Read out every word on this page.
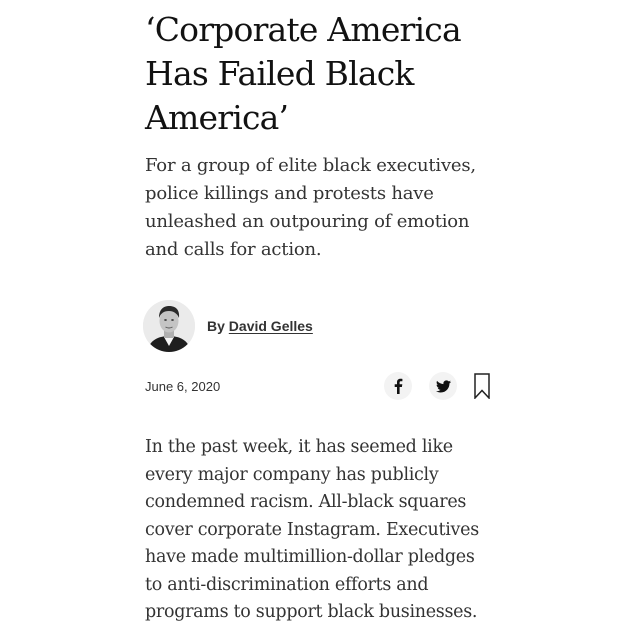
‘Corporate America
Has Failed Black
America’

For a group of elite black executives,
police killings and protests have
unleashed an outpouring of emotion
and calls for action.

By David Gelles
June 6, 2020

In the past week, it has seemed like
every major company has publicly
condemned racism. All-black squares
cover corporate Instagram. Executives
have made multimillion-dollar pledges
to anti-discrimination efforts and
programs to support black businesses.
